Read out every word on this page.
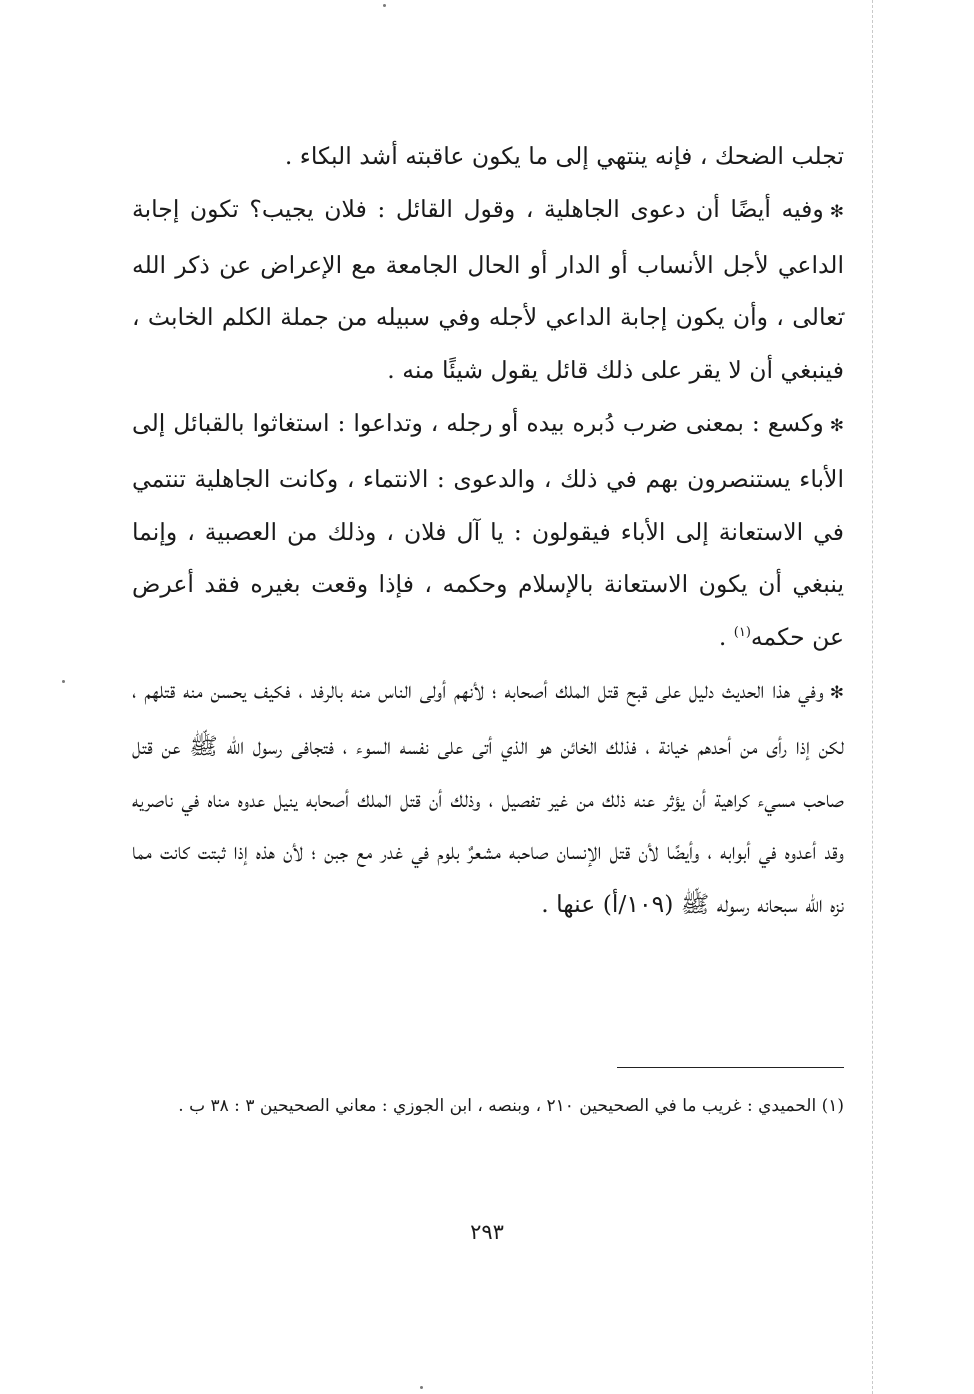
تجلب الضحك ، فإنه ينتهي إلى ما يكون عاقبته أشد البكاء .

✻وفيه أيضًا أن دعوى الجاهلية ، وقول القائل : فلان يجيب؟ تكون إجابة الداعي لأجل الأنساب أو الدار أو الحال الجامعة مع الإعراض عن ذكر الله تعالى ، وأن يكون إجابة الداعي لأجله وفي سبيله من جملة الكلم الخابث ، فينبغي أن لا يقر على ذلك قائل يقول شيئًا منه .

✻وكسع : بمعنى ضرب دُبره بيده أو رجله ، وتداعوا : استغاثوا بالقبائل إلى الأباء يستنصرون بهم في ذلك ، والدعوى : الانتماء ، وكانت الجاهلية تنتمي في الاستعانة إلى الأباء فيقولون : يا آل فلان ، وذلك من العصبية ، وإنما ينبغي أن يكون الاستعانة بالإسلام وحكمه ، فإذا وقعت بغيره فقد أعرض عن حكمه$^{(١)}$ .

✻وفي هذا الحديث دليل على قبح قتل الملك أصحابه ؛ لأنهم أولى الناس منه بالرفد ، فكيف يحسن منه قتلهم ، لكن إذا رأى من أحدهم خيانة ، فذلك الخائن هو الذي أتى على نفسه السوء ، فتجافى رسول الله ﷺ عن قتل صاحب مسيء كراهية أن يؤثر عنه ذلك من غير تفصيل ، وذلك أن قتل الملك أصحابه ينيل عدوه مناه في ناصريه وقد أعدوه في أبوابه ، وأيضًا لأن قتل الإنسان صاحبه مشعرٌ بلوم في غدر مع جبن ؛ لأن هذه إذا ثبتت كانت مما نزه الله سبحانه رسوله ﷺ (١٠٩/أ) عنها .

(١) الحميدي : غريب ما في الصحيحين ٢١٠ ، وبنصه ، ابن الجوزي : معاني الصحيحين ٣ : ٣٨ ب .

٢٩٣
